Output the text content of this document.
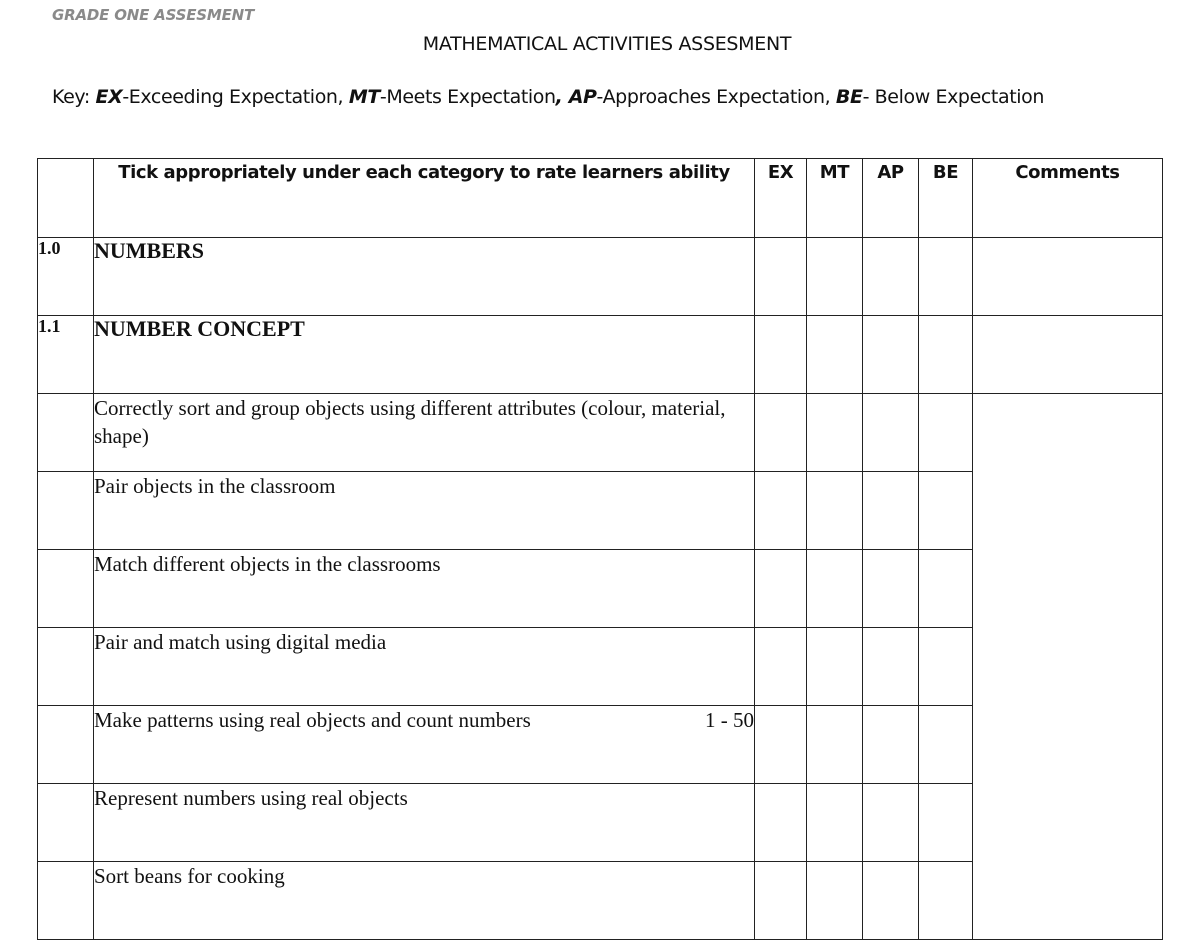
GRADE ONE ASSESMENT
MATHEMATICAL ACTIVITIES ASSESMENT
Key: EX-Exceeding Expectation, MT-Meets Expectation, AP-Approaches Expectation, BE- Below Expectation
	Tick appropriately under each category to rate learners ability	EX	MT	AP	BE	Comments
1.0	NUMBERS					
1.1	NUMBER CONCEPT					
	Correctly sort and group objects using different attributes (colour, material, shape)					
	Pair objects in the classroom					
	Match different objects in the classrooms					
	Pair and match using digital media					

	Make patterns using real objects and count numbers 1 - 50					

	Represent numbers using real objects					
	Sort beans for cooking					
